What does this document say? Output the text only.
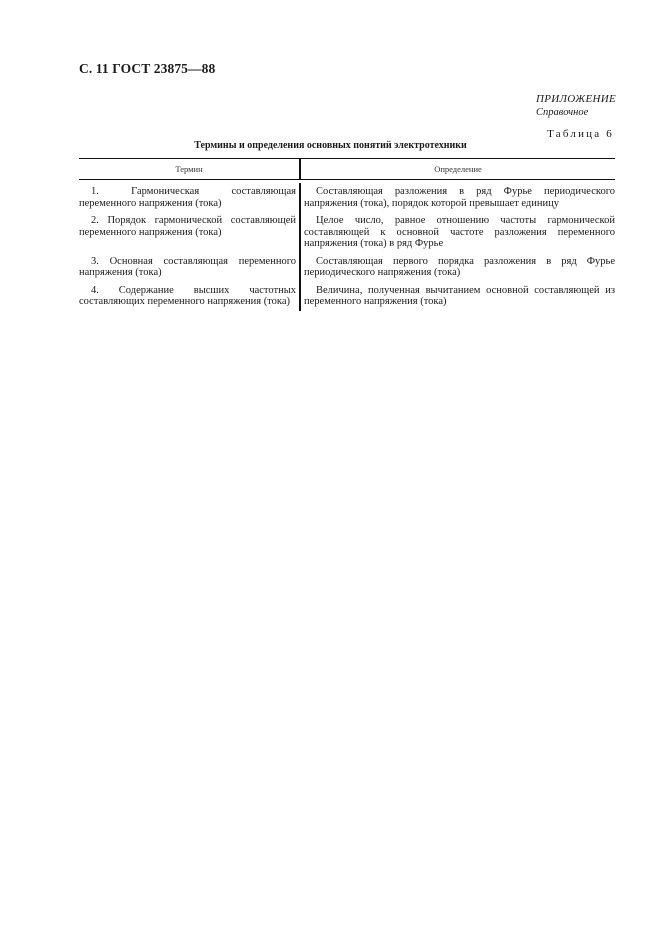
С. 11 ГОСТ 23875—88
ПРИЛОЖЕНИЕ
Справочное
Таблица 6
Термины и определения основных понятий электротехники
Термин	Определение
1. Гармоническая составляющая переменного напряжения (тока)
Составляющая разложения в ряд Фурье периодического напряжения (тока), порядок которой превышает единицу
2. Порядок гармонической составляющей переменного напряжения (тока)
Целое число, равное отношению частоты гармонической составляющей к основной частоте разложения переменного напряжения (тока) в ряд Фурье
3. Основная составляющая переменного напряжения (тока)
Составляющая первого порядка разложения в ряд Фурье периодического напряжения (тока)
4. Содержание высших частотных составляющих переменного напряжения (тока)
Величина, полученная вычитанием основной составляющей из переменного напряжения (тока)
